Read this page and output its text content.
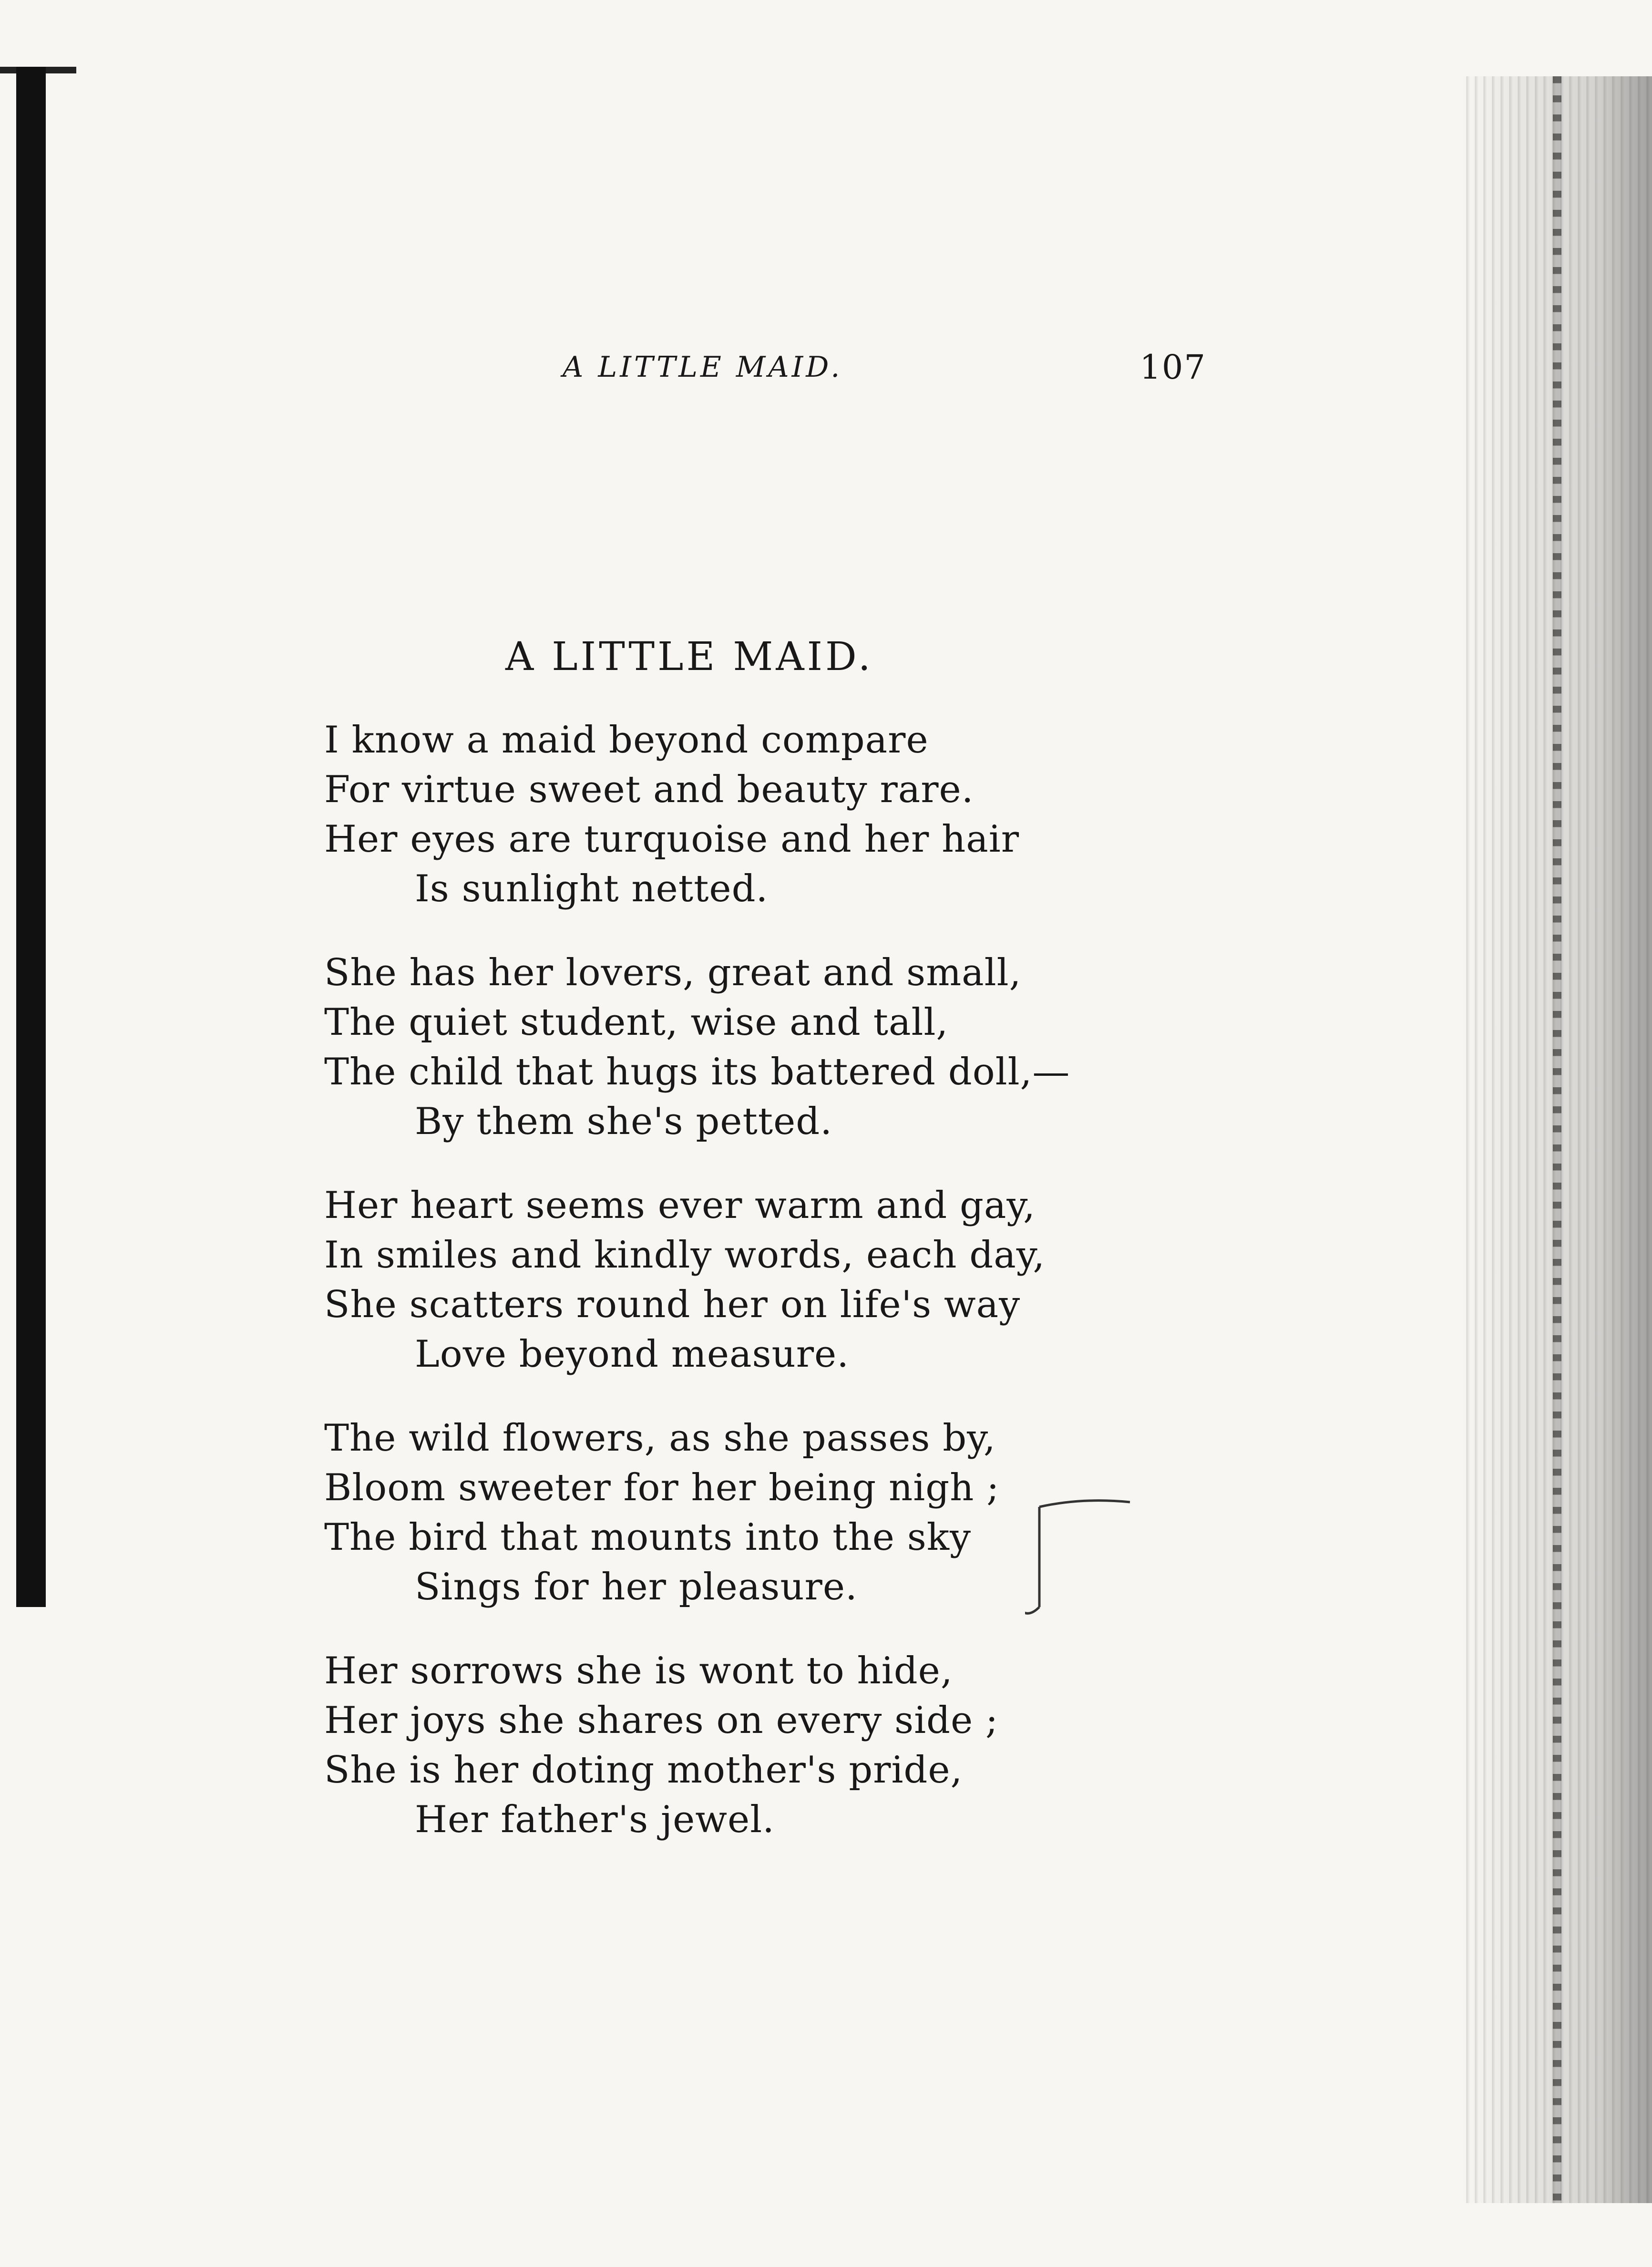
A LITTLE MAID.	107
A LITTLE MAID.
I know a maid beyond compare
For virtue sweet and beauty rare.
Her eyes are turquoise and her hair
Is sunlight netted.
She has her lovers, great and small,
The quiet student, wise and tall,
The child that hugs its battered doll,—
By them she's petted.
Her heart seems ever warm and gay,
In smiles and kindly words, each day,
She scatters round her on life's way
Love beyond measure.
The wild flowers, as she passes by,
Bloom sweeter for her being nigh ;
The bird that mounts into the sky
Sings for her pleasure.
Her sorrows she is wont to hide,
Her joys she shares on every side ;
She is her doting mother's pride,
Her father's jewel.
